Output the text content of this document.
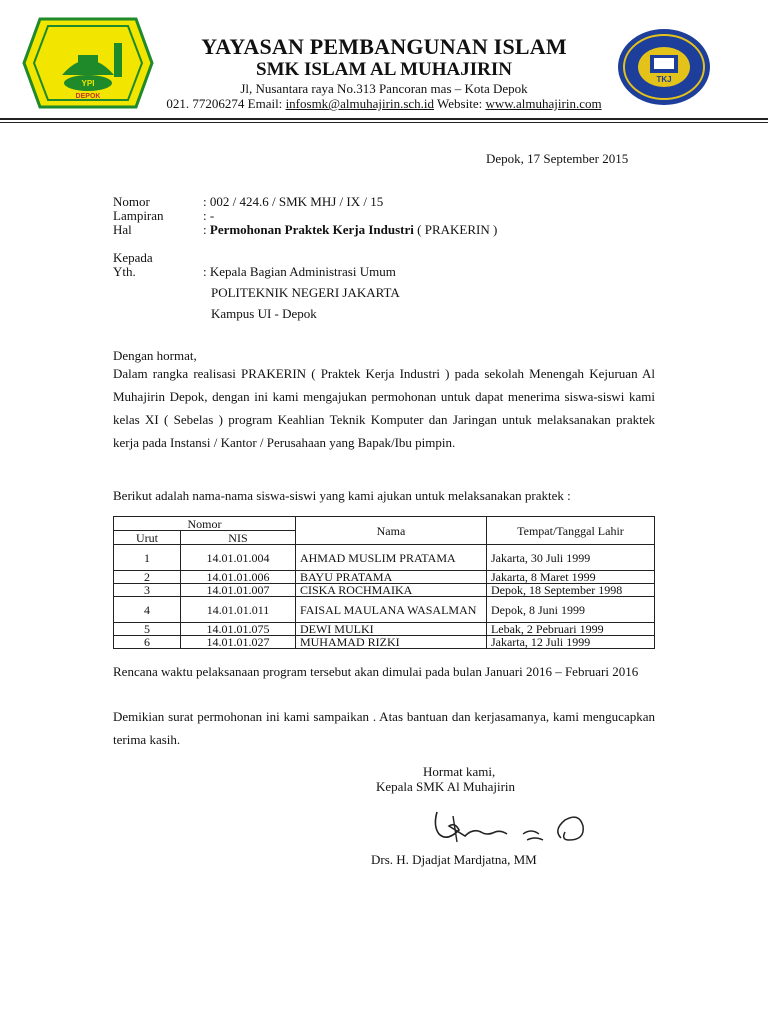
YPI
DEPOK
TKJ
YAYASAN PEMBANGUNAN ISLAM
SMK ISLAM AL MUHAJIRIN
Jl, Nusantara raya No.313 Pancoran mas – Kota Depok
021. 77206274 Email: infosmk@almuhajirin.sch.id Website: www.almuhajirin.com
Depok, 17 September 2015
Nomor	: 002 / 424.6 / SMK MHJ / IX / 15
Lampiran	: -
Hal	: Permohonan Praktek Kerja Industri ( PRAKERIN )
Kepada
Yth.	: Kepala Bagian Administrasi Umum
POLITEKNIK NEGERI JAKARTA
Kampus UI - Depok
Dengan hormat,
Dalam rangka realisasi PRAKERIN ( Praktek Kerja Industri ) pada sekolah Menengah Kejuruan Al Muhajirin Depok, dengan ini kami mengajukan permohonan untuk dapat menerima siswa-siswi kami kelas XI ( Sebelas ) program Keahlian Teknik Komputer dan Jaringan untuk melaksanakan praktek kerja pada Instansi / Kantor / Perusahaan yang Bapak/Ibu pimpin.
Berikut adalah nama-nama siswa-siswi yang kami ajukan untuk melaksanakan praktek :
Nomor		Nama	Tempat/Tanggal Lahir
Urut	NIS		
1	14.01.01.004	AHMAD MUSLIM PRATAMA	Jakarta, 30 Juli 1999
2	14.01.01.006	BAYU PRATAMA	Jakarta, 8 Maret 1999
3	14.01.01.007	CISKA ROCHMAIKA	Depok, 18 September 1998
4	14.01.01.011	FAISAL MAULANA WASALMAN	Depok, 8 Juni 1999
5	14.01.01.075	DEWI MULKI	Lebak, 2 Pebruari 1999
6	14.01.01.027	MUHAMAD RIZKI	Jakarta, 12 Juli 1999
Rencana waktu pelaksanaan program tersebut akan dimulai pada bulan Januari 2016 – Februari 2016
Demikian surat permohonan ini kami sampaikan . Atas bantuan dan kerjasamanya, kami mengucapkan terima kasih.
Hormat kami,
Kepala SMK Al Muhajirin
Drs. H. Djadjat Mardjatna, MM
